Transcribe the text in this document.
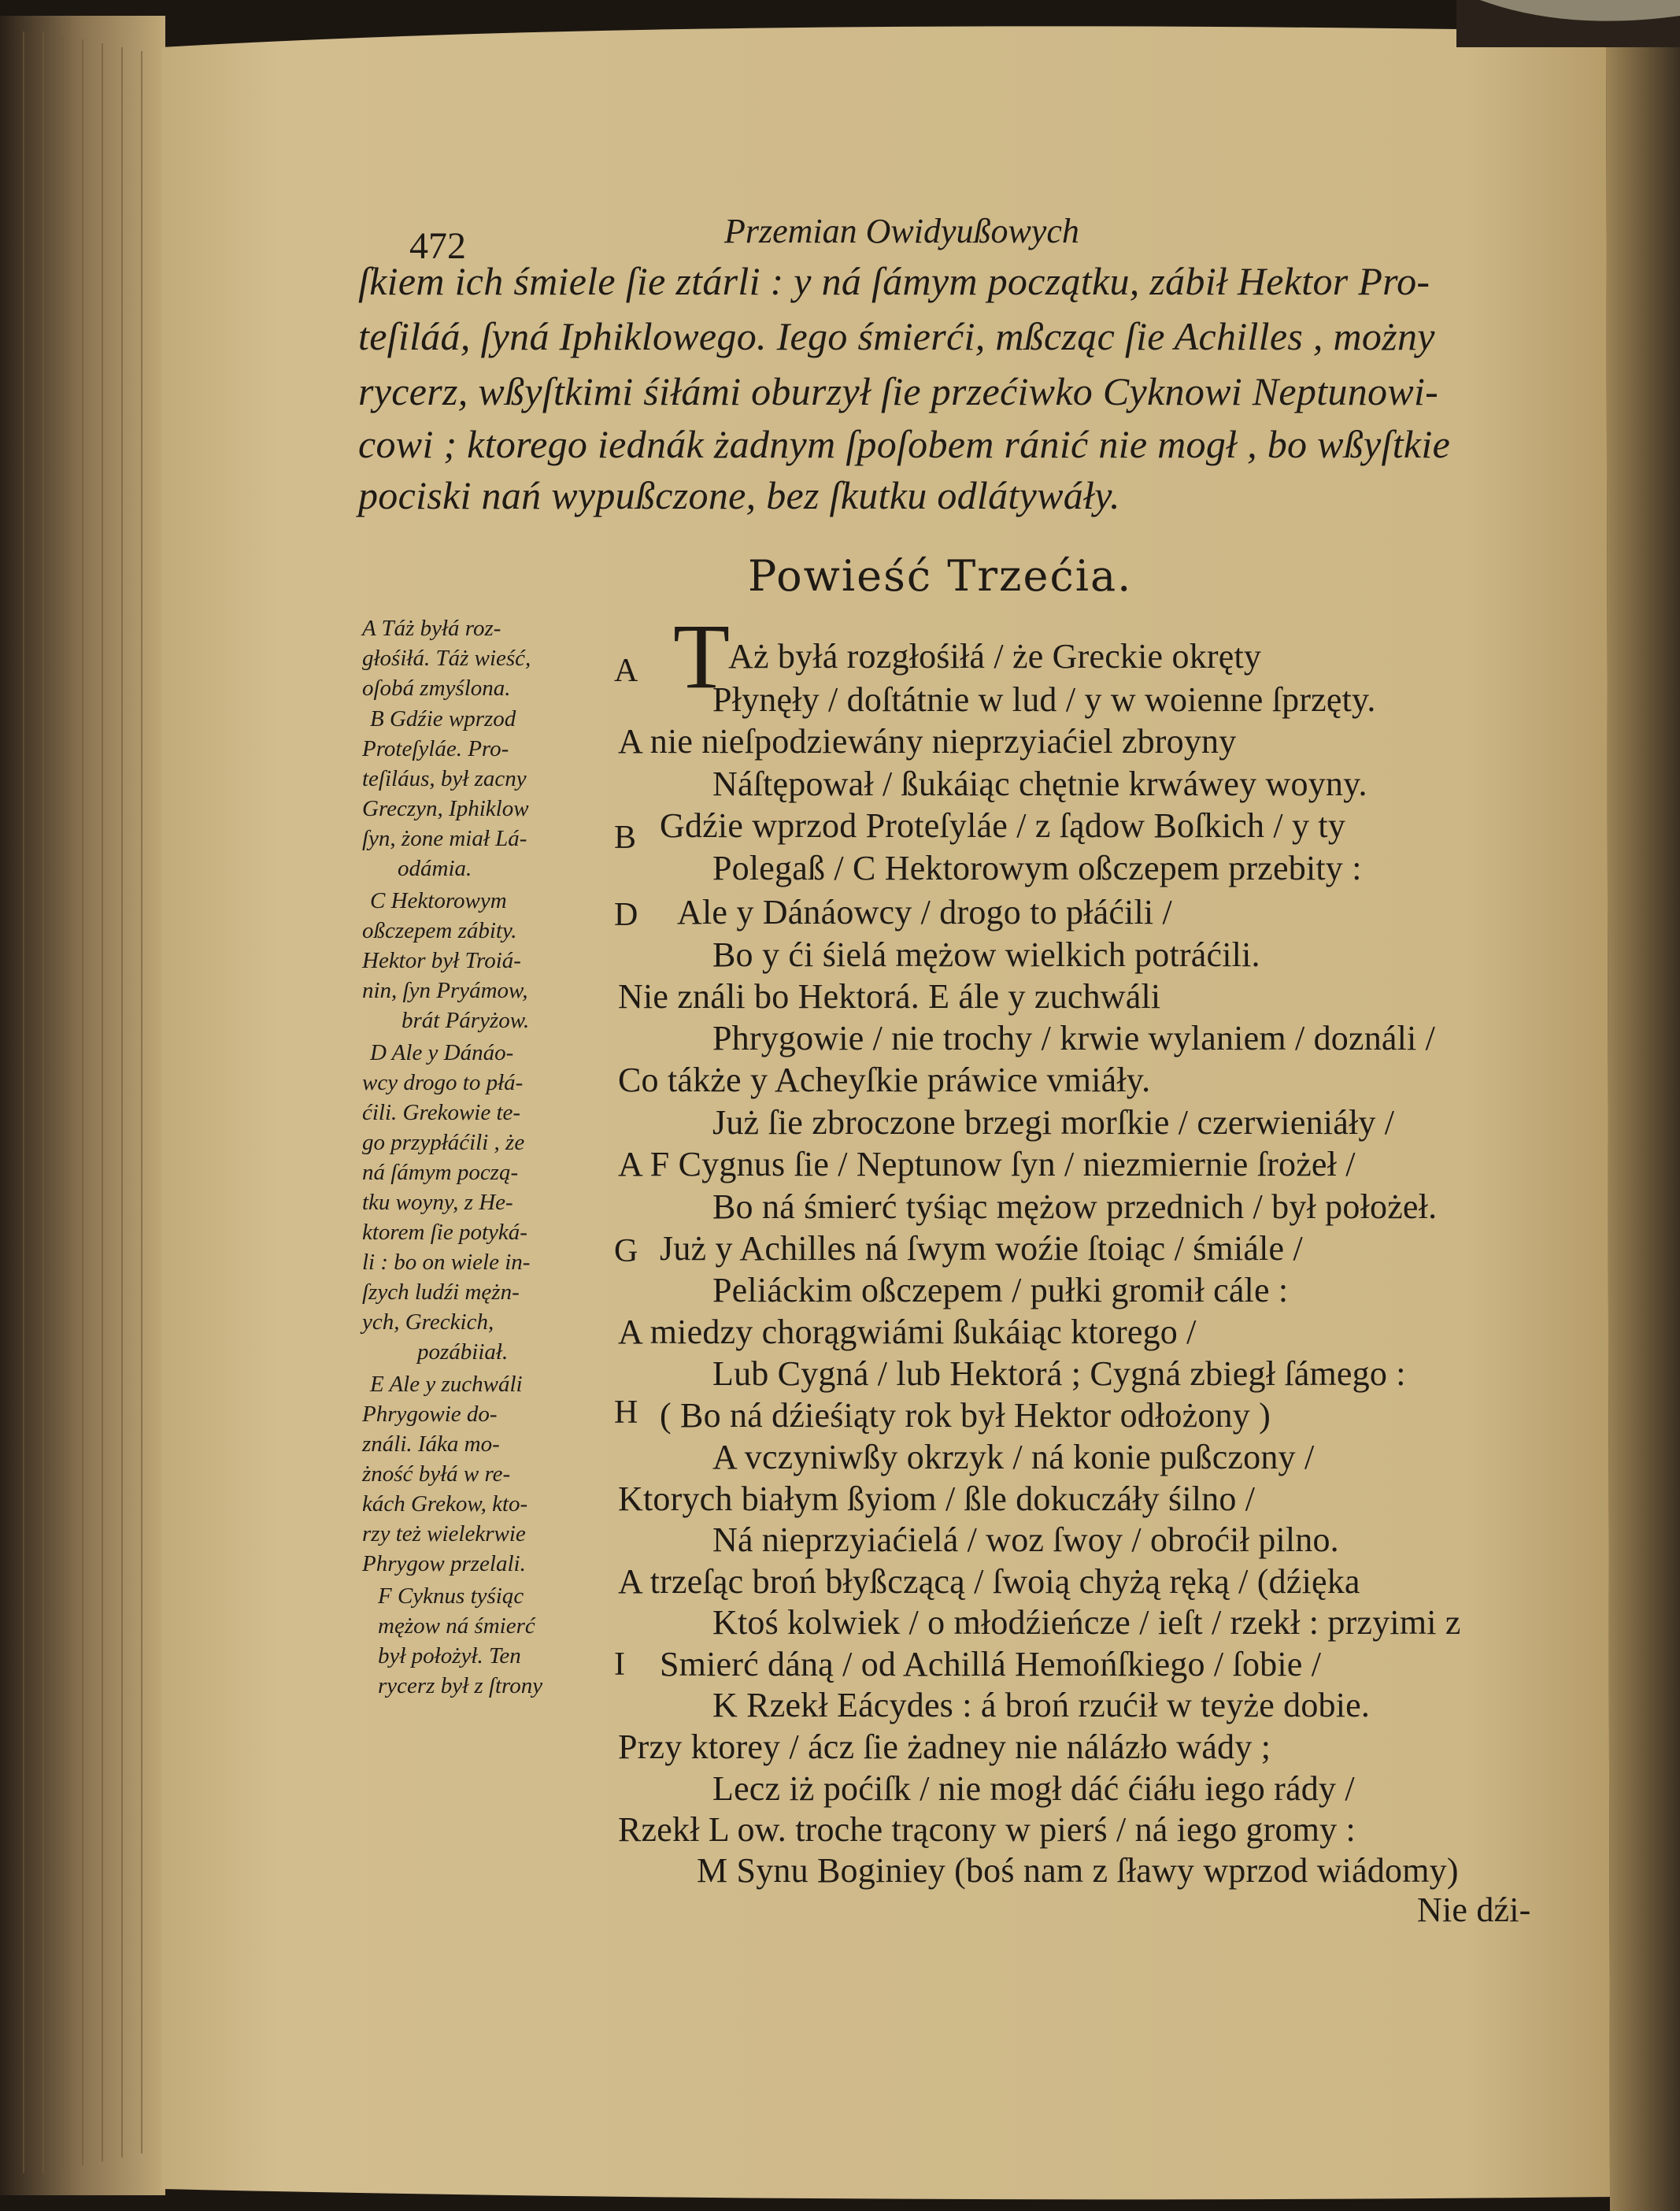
472	Przemian Owidyußowych
ſkiem ich śmiele ſie ztárli : y ná ſámym początku, zábił Hektor Pro-
teſiláá, ſyná Iphiklowego. Iego śmierći, mßcząc ſie Achilles , możny
rycerz, wßyſtkimi śiłámi oburzył ſie przećiwko Cyknowi Neptunowi-
cowi ; ktorego iednák żadnym ſpoſobem ránić nie mogł , bo wßyſtkie
pociski nań wypußczone, bez ſkutku odlátywáły.
Powieść Trzećia.
T
A
B
D
G
H
I
Aż byłá rozgłośiłá / że Greckie okręty
Płynęły / doſtátnie w lud / y w woienne ſprzęty.
A nie nieſpodziewány nieprzyiaćiel zbroyny
Náſtępował / ßukáiąc chętnie krwáwey woyny.
Gdźie wprzod Proteſyláe / z ſądow Boſkich / y ty
Polegaß / C Hektorowym oßczepem przebity :
Ale y Dánáowcy / drogo to płáćili /
Bo y ći śielá mężow wielkich potráćili.
Nie ználi bo Hektorá. E ále y zuchwáli
Phrygowie / nie trochy / krwie wylaniem / doználi /
Co tákże y Acheyſkie práwice vmiáły.
Już ſie zbroczone brzegi morſkie / czerwieniáły /
A F Cygnus ſie / Neptunow ſyn / niezmiernie ſrożeł /
Bo ná śmierć tyśiąc mężow przednich / był położeł.
Już y Achilles ná ſwym woźie ſtoiąc / śmiále /
Peliáckim oßczepem / pułki gromił cále :
A miedzy chorągwiámi ßukáiąc ktorego /
Lub Cygná / lub Hektorá ; Cygná zbiegł ſámego :
( Bo ná dźieśiąty rok był Hektor odłożony )
A vczyniwßy okrzyk / ná konie pußczony /
Ktorych białym ßyiom / ßle dokuczáły śilno /
Ná nieprzyiaćielá / woz ſwoy / obroćił pilno.
A trzeſąc broń błyßczącą / ſwoią chyżą ręką / (dźięka
Ktoś kolwiek / o młodźieńcze / ieſt / rzekł : przyimi z
Smierć dáną / od Achillá Hemońſkiego / ſobie /
K Rzekł Eácydes : á broń rzućił w teyże dobie.
Przy ktorey / ácz ſie żadney nie nálázło wády ;
Lecz iż poćiſk / nie mogł dáć ćiáłu iego rády /
Rzekł L ow. troche trącony w pierś / ná iego gromy :
M Synu Boginiey (boś nam z ſławy wprzod wiádomy)
Nie dźi-
A Táż byłá roz-
głośiłá. Táż wieść,
oſobá zmyślona.
B Gdźie wprzod
Proteſyláe. Pro-
teſiláus, był zacny
Greczyn, Iphiklow
ſyn, żone miał Lá-
odámia.
C Hektorowym
oßczepem zábity.
Hektor był Troiá-
nin, ſyn Pryámow,
brát Páryżow.
D Ale y Dánáo-
wcy drogo to płá-
ćili. Grekowie te-
go przypłáćili , że
ná ſámym począ-
tku woyny, z He-
ktorem ſie potyká-
li : bo on wiele in-
ſzych ludźi mężn-
ych, Greckich,
pozábiiał.
E Ale y zuchwáli
Phrygowie do-
ználi. Iáka mo-
żność byłá w re-
kách Grekow, kto-
rzy też wielekrwie
Phrygow przelali.
F Cyknus tyśiąc
mężow ná śmierć
był położył. Ten
rycerz był z ſtrony
